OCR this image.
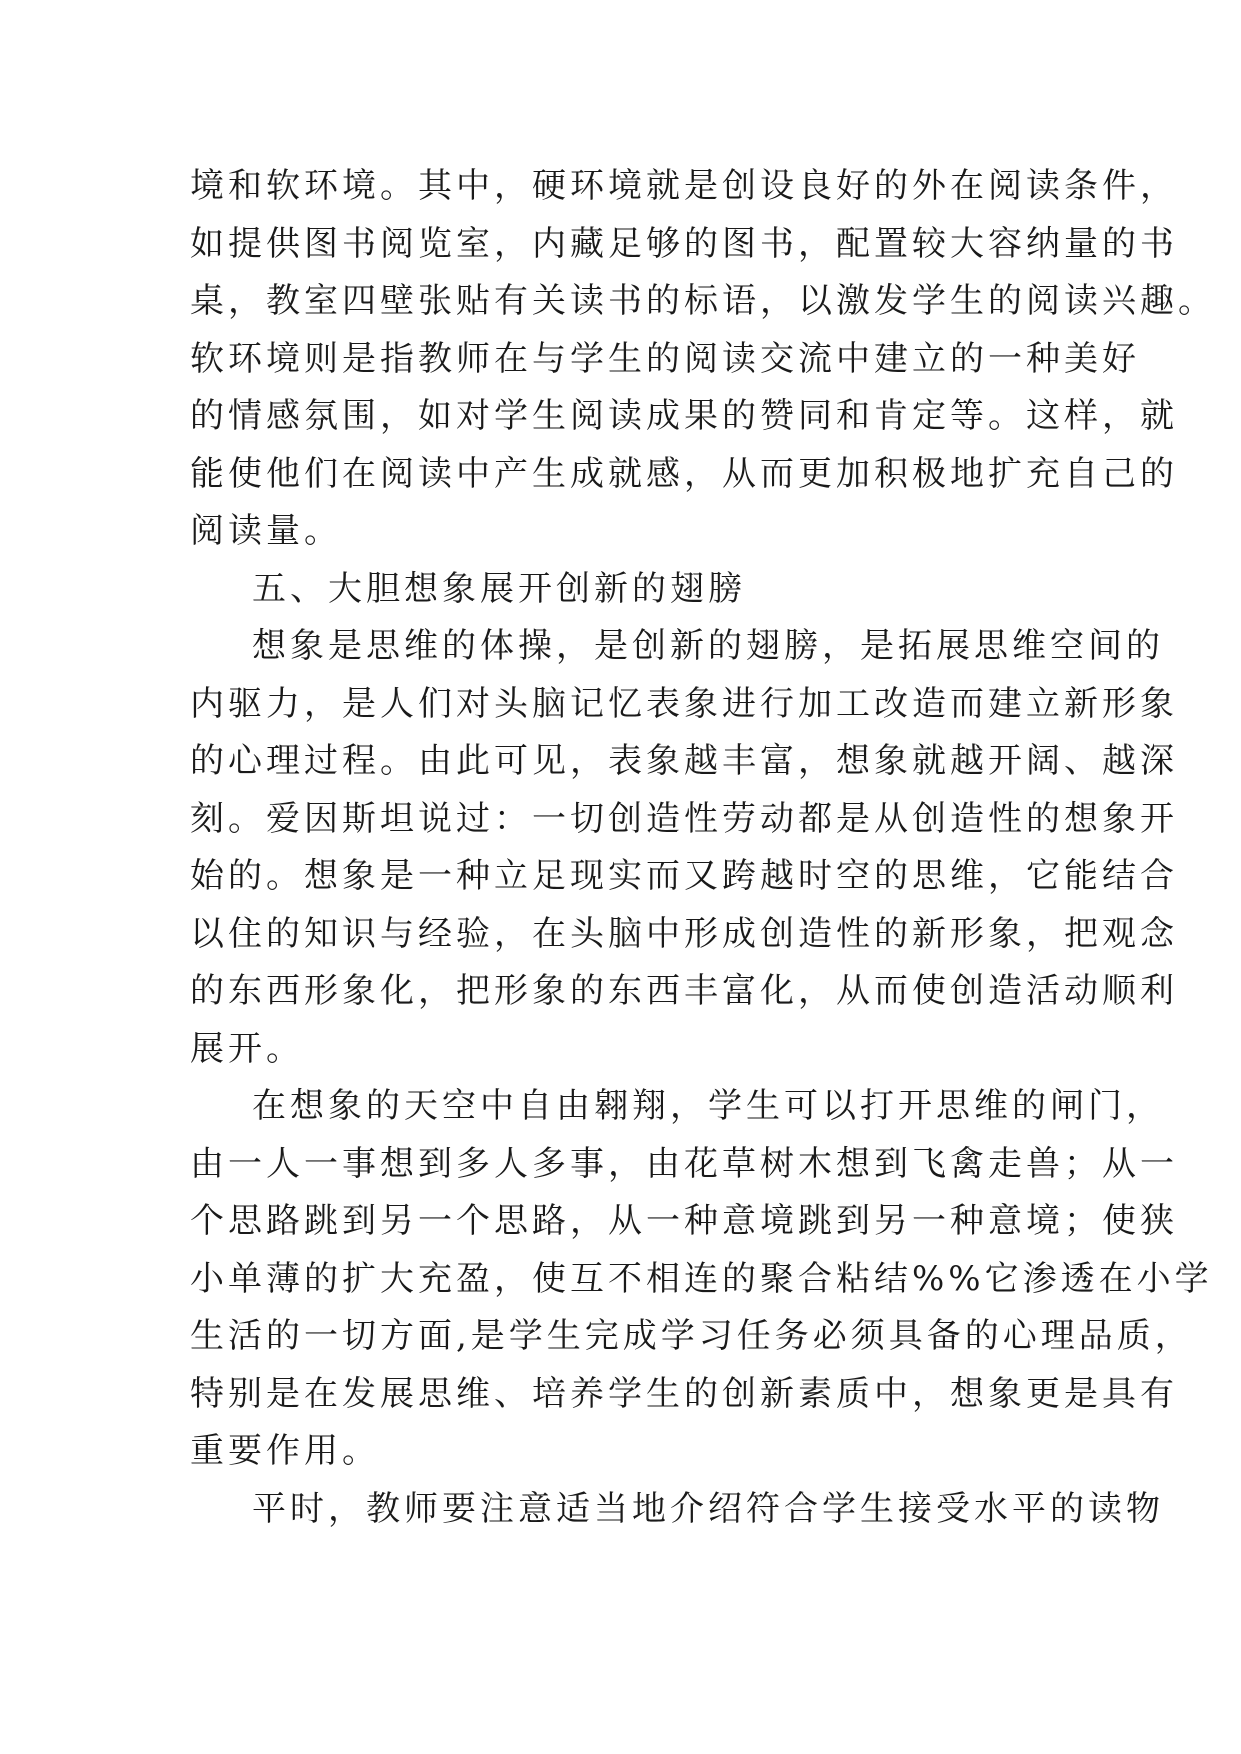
境和软环境。其中，硬环境就是创设良好的外在阅读条件，
如提供图书阅览室，内藏足够的图书，配置较大容纳量的书
桌，教室四壁张贴有关读书的标语，以激发学生的阅读兴趣。
软环境则是指教师在与学生的阅读交流中建立的一种美好
的情感氛围，如对学生阅读成果的赞同和肯定等。这样，就
能使他们在阅读中产生成就感，从而更加积极地扩充自己的
阅读量。
五、大胆想象展开创新的翅膀
想象是思维的体操，是创新的翅膀，是拓展思维空间的
内驱力，是人们对头脑记忆表象进行加工改造而建立新形象
的心理过程。由此可见，表象越丰富，想象就越开阔、越深
刻。爱因斯坦说过：一切创造性劳动都是从创造性的想象开
始的。想象是一种立足现实而又跨越时空的思维，它能结合
以住的知识与经验，在头脑中形成创造性的新形象，把观念
的东西形象化，把形象的东西丰富化，从而使创造活动顺利
展开。
在想象的天空中自由翱翔，学生可以打开思维的闸门，
由一人一事想到多人多事，由花草树木想到飞禽走兽；从一
个思路跳到另一个思路，从一种意境跳到另一种意境；使狭
小单薄的扩大充盈，使互不相连的聚合粘结%%它渗透在小学
生活的一切方面,是学生完成学习任务必须具备的心理品质，
特别是在发展思维、培养学生的创新素质中，想象更是具有
重要作用。
平时，教师要注意适当地介绍符合学生接受水平的读物
